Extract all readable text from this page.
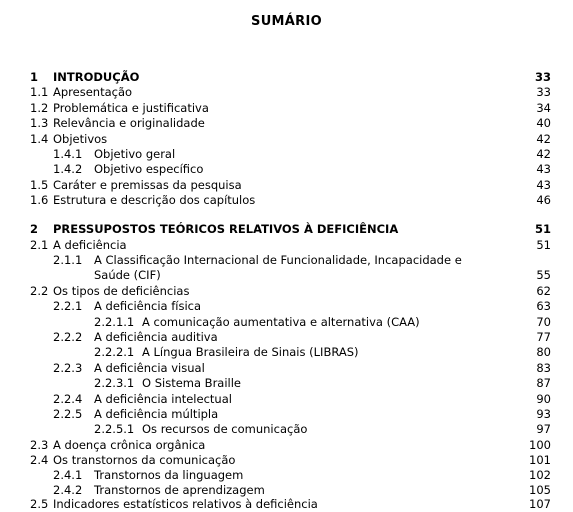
SUMÁRIO
1 INTRODUÇÃO	33
1.1 Apresentação	33
1.2 Problemática e justificativa	34
1.3 Relevância e originalidade	40
1.4 Objetivos	42
1.4.1 Objetivo geral	42
1.4.2 Objetivo específico	43
1.5 Caráter e premissas da pesquisa	43
1.6 Estrutura e descrição dos capítulos	46
2 PRESSUPOSTOS TEÓRICOS RELATIVOS À DEFICIÊNCIA	51
2.1 A deficiência	51
2.1.1 A Classificação Internacional de Funcionalidade, Incapacidade e Saúde (CIF)	55
2.2 Os tipos de deficiências	62
2.2.1 A deficiência física	63
2.2.1.1 A comunicação aumentativa e alternativa (CAA)	70
2.2.2 A deficiência auditiva	77
2.2.2.1 A Língua Brasileira de Sinais (LIBRAS)	80
2.2.3 A deficiência visual	83
2.2.3.1 O Sistema Braille	87
2.2.4 A deficiência intelectual	90
2.2.5 A deficiência múltipla	93
2.2.5.1 Os recursos de comunicação	97
2.3 A doença crônica orgânica	100
2.4 Os transtornos da comunicação	101
2.4.1 Transtornos da linguagem	102
2.4.2 Transtornos de aprendizagem	105
2.5 Indicadores estatísticos relativos à deficiência	107
